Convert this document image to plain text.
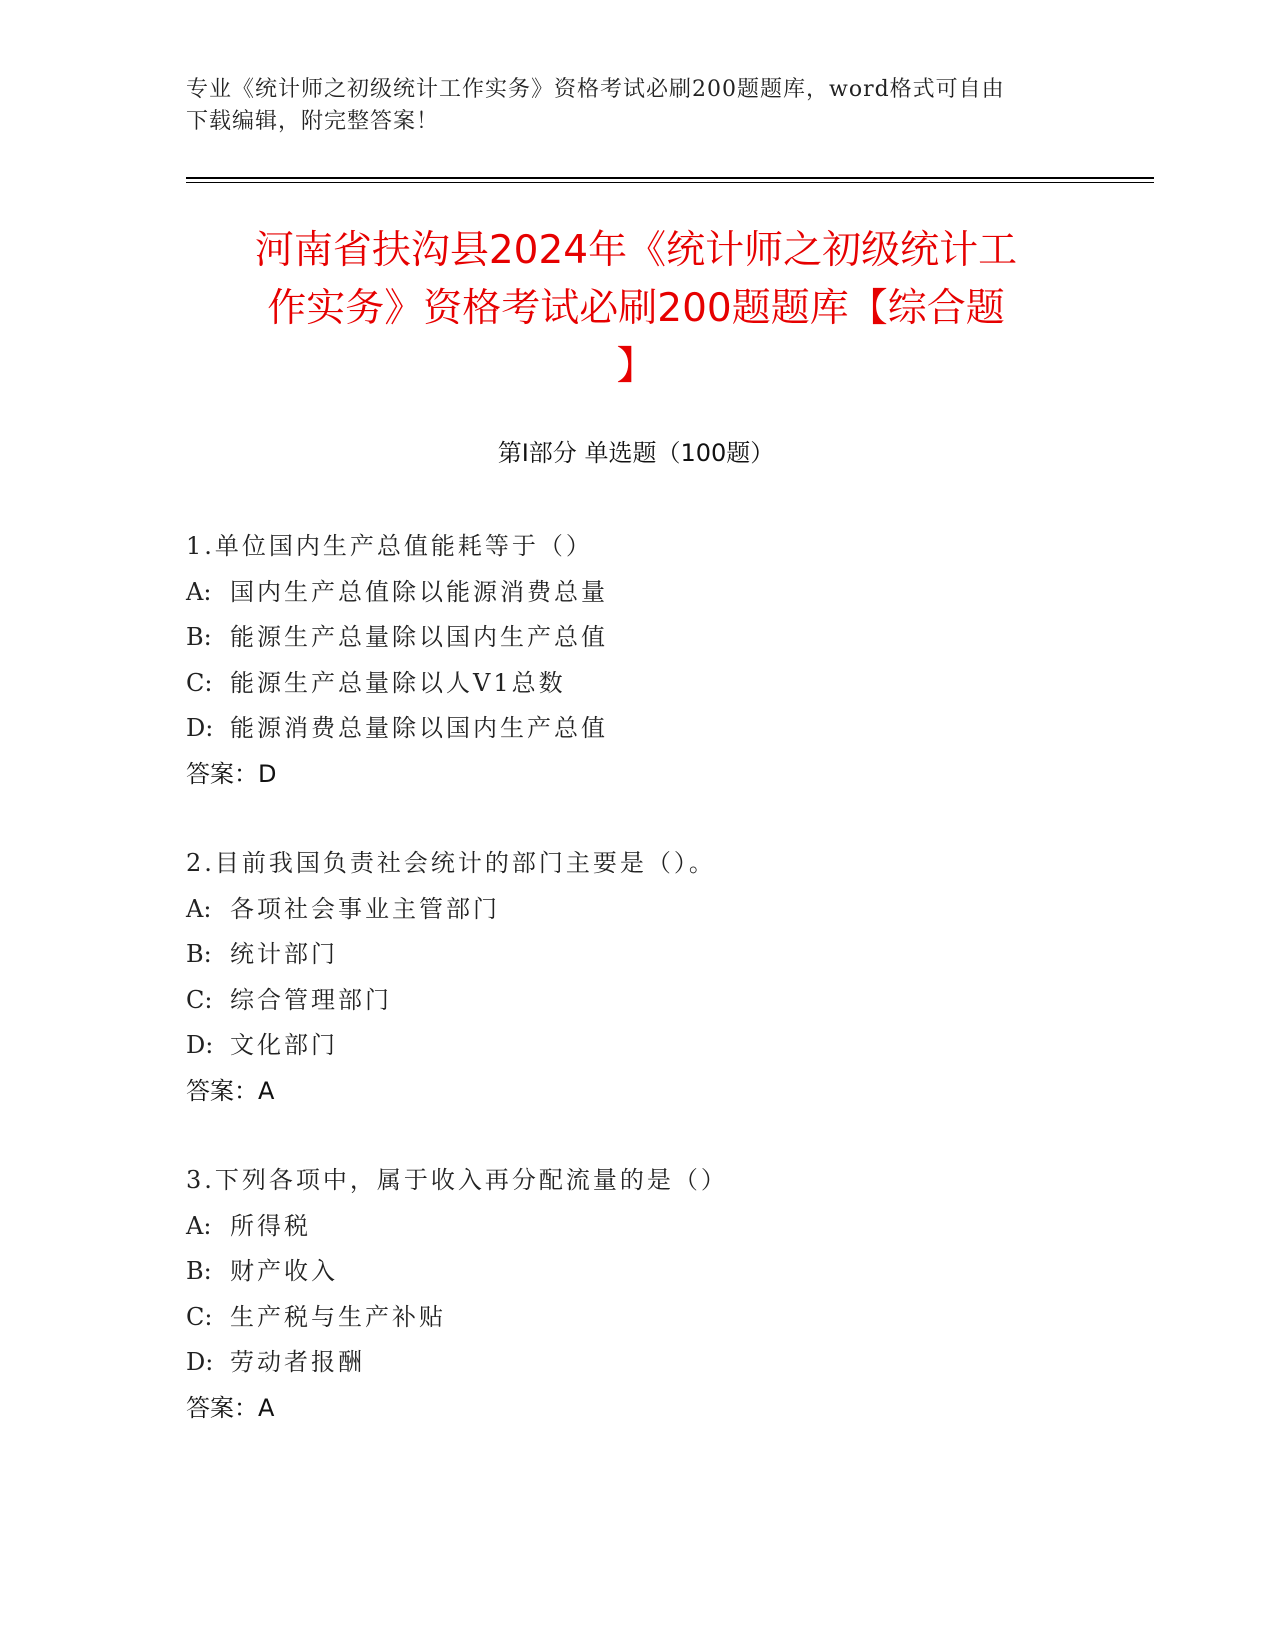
专业《统计师之初级统计工作实务》资格考试必刷200题题库，word格式可自由
下载编辑，附完整答案！
河南省扶沟县2024年《统计师之初级统计工
作实务》资格考试必刷200题题库【综合题
】
第Ⅰ部分 单选题（100题）
1.单位国内生产总值能耗等于（）
A: 国内生产总值除以能源消费总量
B: 能源生产总量除以国内生产总值
C: 能源生产总量除以人V1总数
D: 能源消费总量除以国内生产总值
答案：D
2.目前我国负责社会统计的部门主要是（）。
A: 各项社会事业主管部门
B: 统计部门
C: 综合管理部门
D: 文化部门
答案：A
3.下列各项中，属于收入再分配流量的是（）
A: 所得税
B: 财产收入
C: 生产税与生产补贴
D: 劳动者报酬
答案：A
